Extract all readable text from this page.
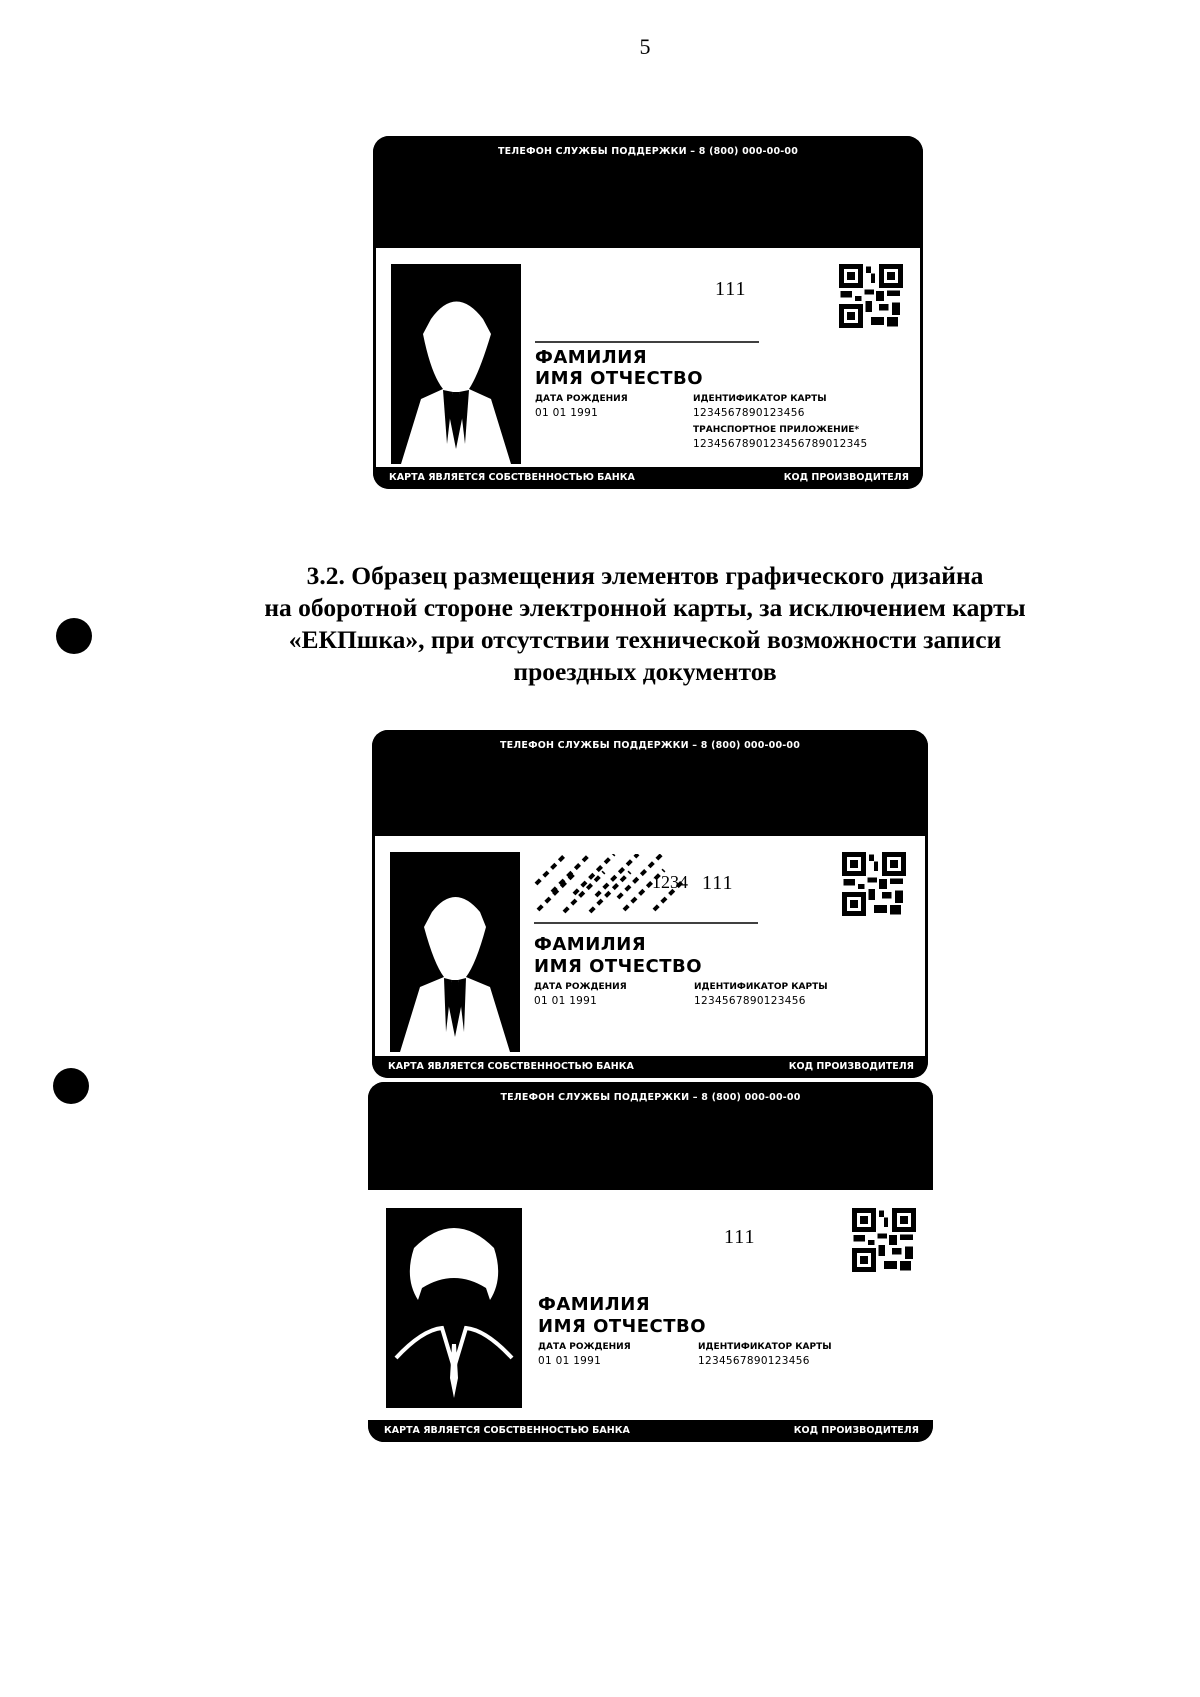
5
ТЕЛЕФОН СЛУЖБЫ ПОДДЕРЖКИ – 8 (800) 000-00-00
111
ФАМИЛИЯ
ИМЯ ОТЧЕСТВО
ДАТА РОЖДЕНИЯ
01 01 1991
ИДЕНТИФИКАТОР КАРТЫ
1234567890123456
ТРАНСПОРТНОЕ ПРИЛОЖЕНИЕ*
1234567890123456789012345
КАРТА ЯВЛЯЕТСЯ СОБСТВЕННОСТЬЮ БАНКА	КОД ПРОИЗВОДИТЕЛЯ
3.2. Образец размещения элементов графического дизайна
на оборотной стороне электронной карты, за исключением карты
«ЕКПшка», при отсутствии технической возможности записи
проездных документов
ТЕЛЕФОН СЛУЖБЫ ПОДДЕРЖКИ – 8 (800) 000-00-00
1234 111
ФАМИЛИЯ
ИМЯ ОТЧЕСТВО
ДАТА РОЖДЕНИЯ
01 01 1991
ИДЕНТИФИКАТОР КАРТЫ
1234567890123456
КАРТА ЯВЛЯЕТСЯ СОБСТВЕННОСТЬЮ БАНКА	КОД ПРОИЗВОДИТЕЛЯ
ТЕЛЕФОН СЛУЖБЫ ПОДДЕРЖКИ – 8 (800) 000-00-00
111
ФАМИЛИЯ
ИМЯ ОТЧЕСТВО
ДАТА РОЖДЕНИЯ
01 01 1991
ИДЕНТИФИКАТОР КАРТЫ
1234567890123456
КАРТА ЯВЛЯЕТСЯ СОБСТВЕННОСТЬЮ БАНКА	КОД ПРОИЗВОДИТЕЛЯ
